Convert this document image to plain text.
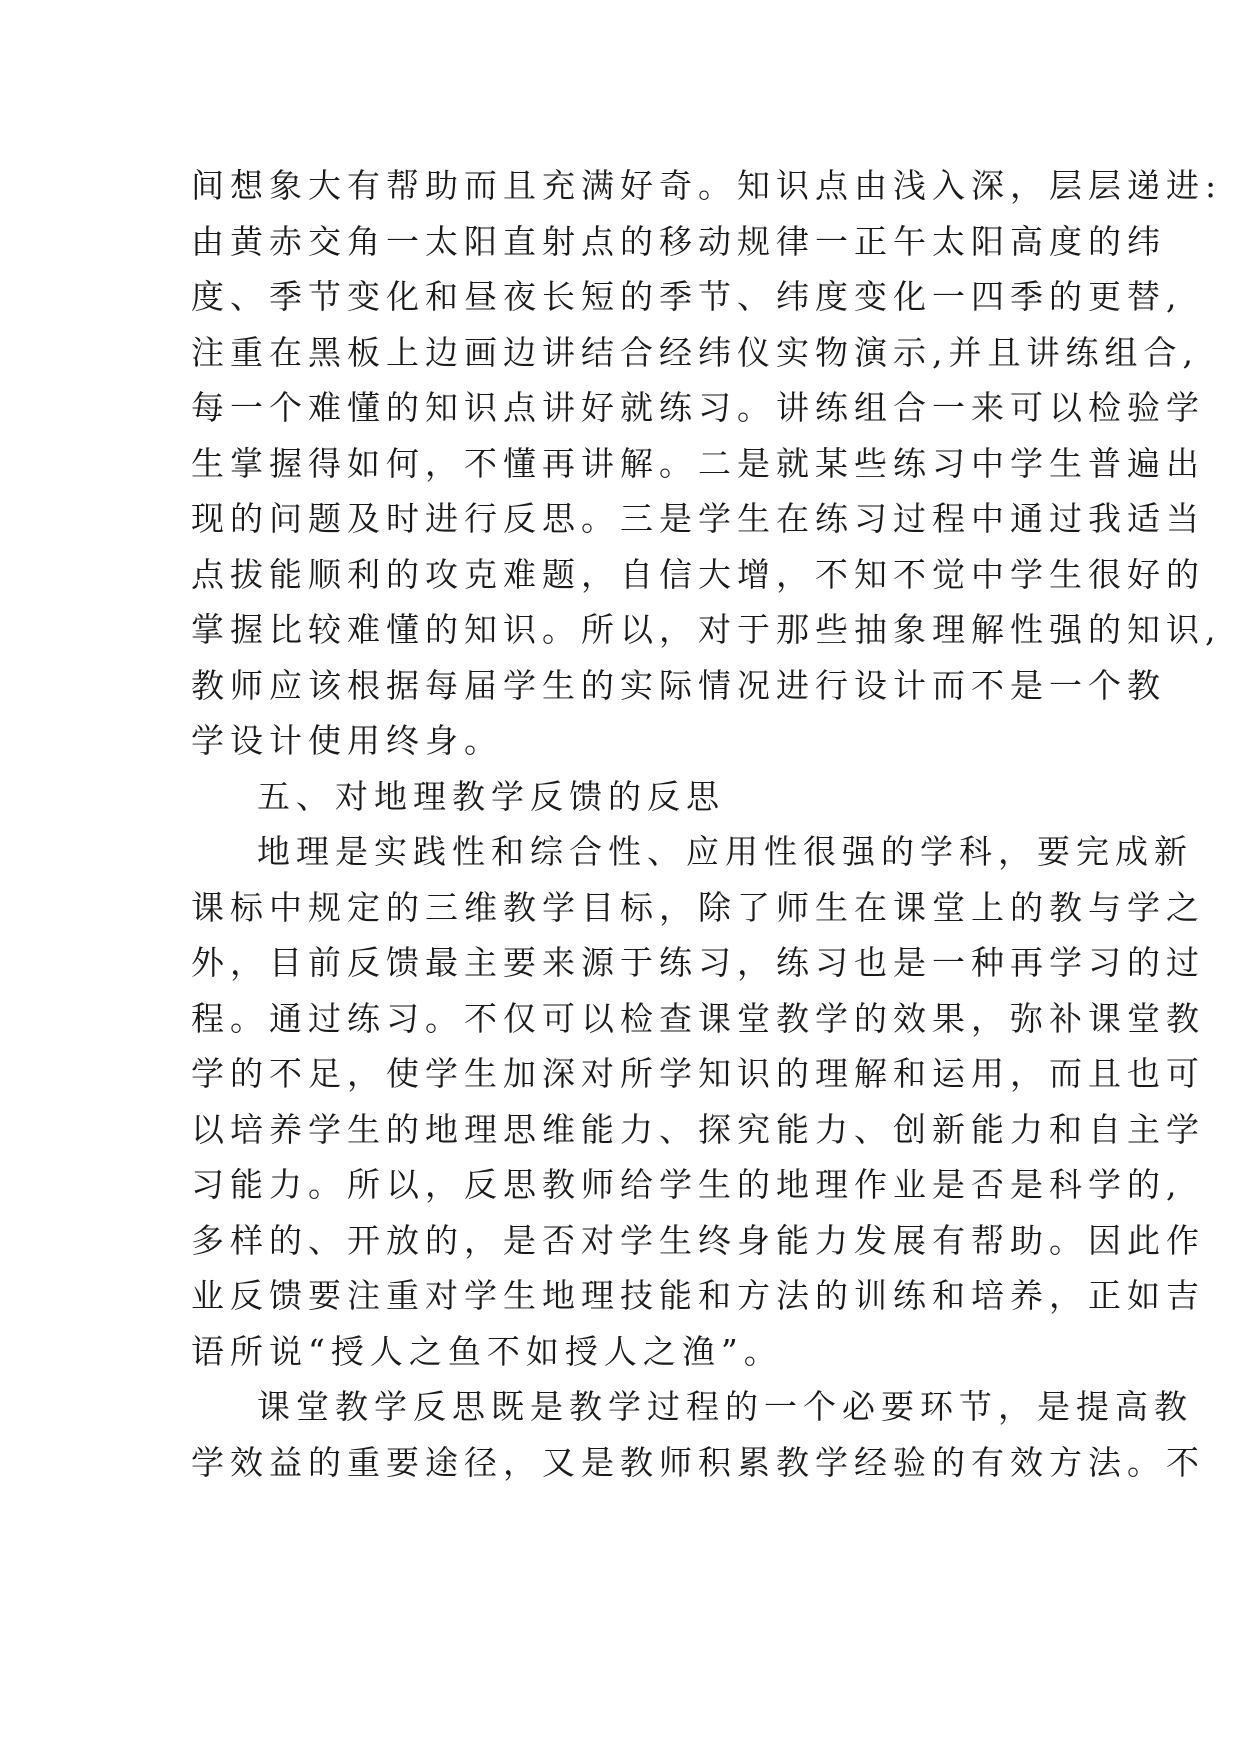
间想象大有帮助而且充满好奇。知识点由浅入深，层层递进:
由黄赤交角一太阳直射点的移动规律一正午太阳高度的纬
度、季节变化和昼夜长短的季节、纬度变化一四季的更替,
注重在黑板上边画边讲结合经纬仪实物演示,并且讲练组合,
每一个难懂的知识点讲好就练习。讲练组合一来可以检验学
生掌握得如何，不懂再讲解。二是就某些练习中学生普遍出
现的问题及时进行反思。三是学生在练习过程中通过我适当
点拔能顺利的攻克难题，自信大增，不知不觉中学生很好的
掌握比较难懂的知识。所以，对于那些抽象理解性强的知识,
教师应该根据每届学生的实际情况进行设计而不是一个教
学设计使用终身。
五、对地理教学反馈的反思
地理是实践性和综合性、应用性很强的学科，要完成新
课标中规定的三维教学目标，除了师生在课堂上的教与学之
外，目前反馈最主要来源于练习，练习也是一种再学习的过
程。通过练习。不仅可以检查课堂教学的效果，弥补课堂教
学的不足，使学生加深对所学知识的理解和运用，而且也可
以培养学生的地理思维能力、探究能力、创新能力和自主学
习能力。所以，反思教师给学生的地理作业是否是科学的,
多样的、开放的，是否对学生终身能力发展有帮助。因此作
业反馈要注重对学生地理技能和方法的训练和培养，正如吉
语所说“授人之鱼不如授人之渔”。
课堂教学反思既是教学过程的一个必要环节，是提高教
学效益的重要途径，又是教师积累教学经验的有效方法。不
